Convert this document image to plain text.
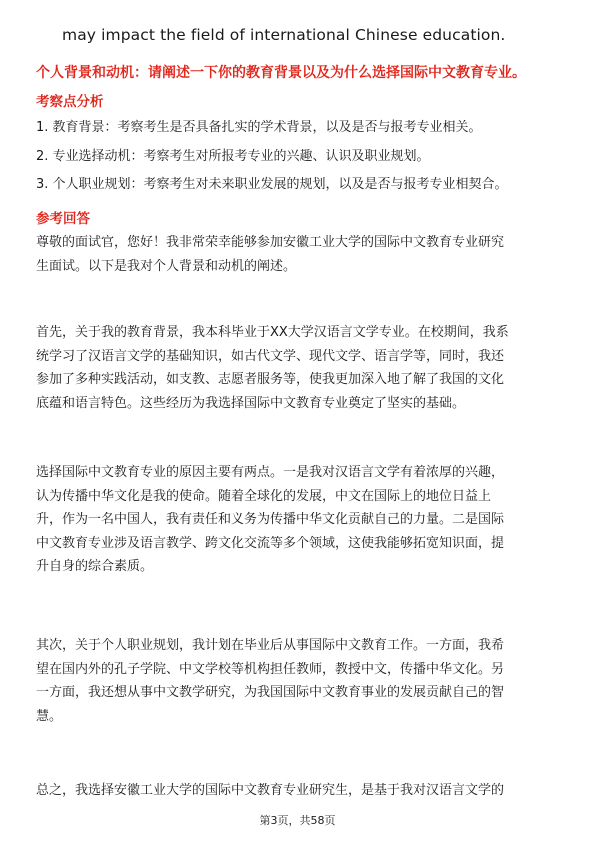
may impact the field of international Chinese education.
个人背景和动机：请阐述一下你的教育背景以及为什么选择国际中文教育专业。
考察点分析
1. 教育背景：考察考生是否具备扎实的学术背景，以及是否与报考专业相关。
2. 专业选择动机：考察考生对所报考专业的兴趣、认识及职业规划。
3. 个人职业规划：考察考生对未来职业发展的规划，以及是否与报考专业相契合。
参考回答
尊敬的面试官，您好！我非常荣幸能够参加安徽工业大学的国际中文教育专业研究
生面试。以下是我对个人背景和动机的阐述。
首先，关于我的教育背景，我本科毕业于XX大学汉语言文学专业。在校期间，我系
统学习了汉语言文学的基础知识，如古代文学、现代文学、语言学等，同时，我还
参加了多种实践活动，如支教、志愿者服务等，使我更加深入地了解了我国的文化
底蕴和语言特色。这些经历为我选择国际中文教育专业奠定了坚实的基础。
选择国际中文教育专业的原因主要有两点。一是我对汉语言文学有着浓厚的兴趣，
认为传播中华文化是我的使命。随着全球化的发展，中文在国际上的地位日益上
升，作为一名中国人，我有责任和义务为传播中华文化贡献自己的力量。二是国际
中文教育专业涉及语言教学、跨文化交流等多个领域，这使我能够拓宽知识面，提
升自身的综合素质。
其次，关于个人职业规划，我计划在毕业后从事国际中文教育工作。一方面，我希
望在国内外的孔子学院、中文学校等机构担任教师，教授中文，传播中华文化。另
一方面，我还想从事中文教学研究，为我国国际中文教育事业的发展贡献自己的智
慧。
总之，我选择安徽工业大学的国际中文教育专业研究生，是基于我对汉语言文学的
第3页，共58页
